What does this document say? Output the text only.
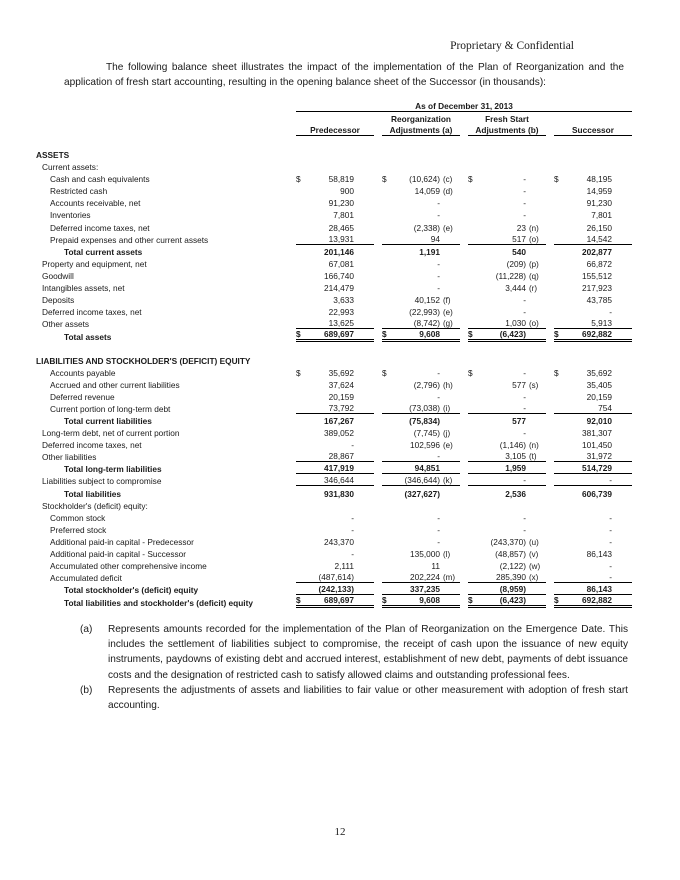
Proprietary & Confidential

The following balance sheet illustrates the impact of the implementation of the Plan of Reorganization and the application of fresh start accounting, resulting in the opening balance sheet of the Successor (in thousands):

		As of December 31, 2013						

				Reorganization		Fresh Start		

		Predecessor		Adjustments (a)		Adjustments (b)		Successor

ASSETS								
Current assets:								
Cash and cash equivalents		$ 58,819		$ (10,624) (c)		$ -		$ 48,195

Restricted cash		900		14,059 (d)		-		14,959

Accounts receivable, net		91,230		-		-		91,230

Inventories		7,801		-		-		7,801

Deferred income taxes, net		28,465		(2,338) (e)		23 (n)		26,150

Prepaid expenses and other current assets		13,931		94		517 (o)		14,542

Total current assets		201,146		1,191		540		202,877

Property and equipment, net		67,081		-		(209) (p)		66,872

Goodwill		166,740		-		(11,228) (q)		155,512

Intangibles assets, net		214,479		-		3,444 (r)		217,923

Deposits		3,633		40,152 (f)		-		43,785

Deferred income taxes, net		22,993		(22,993) (e)		-		-

Other assets		13,625		(8,742) (g)		1,030 (o)		5,913

Total assets		$ 689,697		$ 9,608		$ (6,423)		$ 692,882

LIABILITIES AND STOCKHOLDER'S (DEFICIT) EQUITY								
Accounts payable		$ 35,692		$ -		$ -		$ 35,692

Accrued and other current liabilities		37,624		(2,796) (h)		577 (s)		35,405

Deferred revenue		20,159		-		-		20,159

Current portion of long-term debt		73,792		(73,038) (i)		-		754

Total current liabilities		167,267		(75,834)		577		92,010

Long-term debt, net of current portion		389,052		(7,745) (j)		-		381,307

Deferred income taxes, net		-		102,596 (e)		(1,146) (n)		101,450

Other liabilities		28,867		-		3,105 (t)		31,972

Total long-term liabilities		417,919		94,851		1,959		514,729

Liabilities subject to compromise		346,644		(346,644) (k)		-		-

Total liabilities		931,830		(327,627)		2,536		606,739

Stockholder's (deficit) equity:								
Common stock		-		-		-		-

Preferred stock		-		-		-		-

Additional paid-in capital - Predecessor		243,370		-		(243,370) (u)		-

Additional paid-in capital - Successor		-		135,000 (l)		(48,857) (v)		86,143

Accumulated other comprehensive income		2,111		11		(2,122) (w)		-

Accumulated deficit		(487,614)		202,224 (m)		285,390 (x)		-

Total stockholder's (deficit) equity		(242,133)		337,235		(8,959)		86,143

Total liabilities and stockholder's (deficit) equity		$ 689,697		$ 9,608		$ (6,423)		$ 692,882
(a)	Represents amounts recorded for the implementation of the Plan of Reorganization on the Emergence Date. This includes the settlement of liabilities subject to compromise, the receipt of cash upon the issuance of new equity instruments, paydowns of existing debt and accrued interest, establishment of new debt, payments of debt issuance costs and the designation of restricted cash to satisfy allowed claims and outstanding professional fees.
(b)	Represents the adjustments of assets and liabilities to fair value or other measurement with adoption of fresh start accounting.
12
